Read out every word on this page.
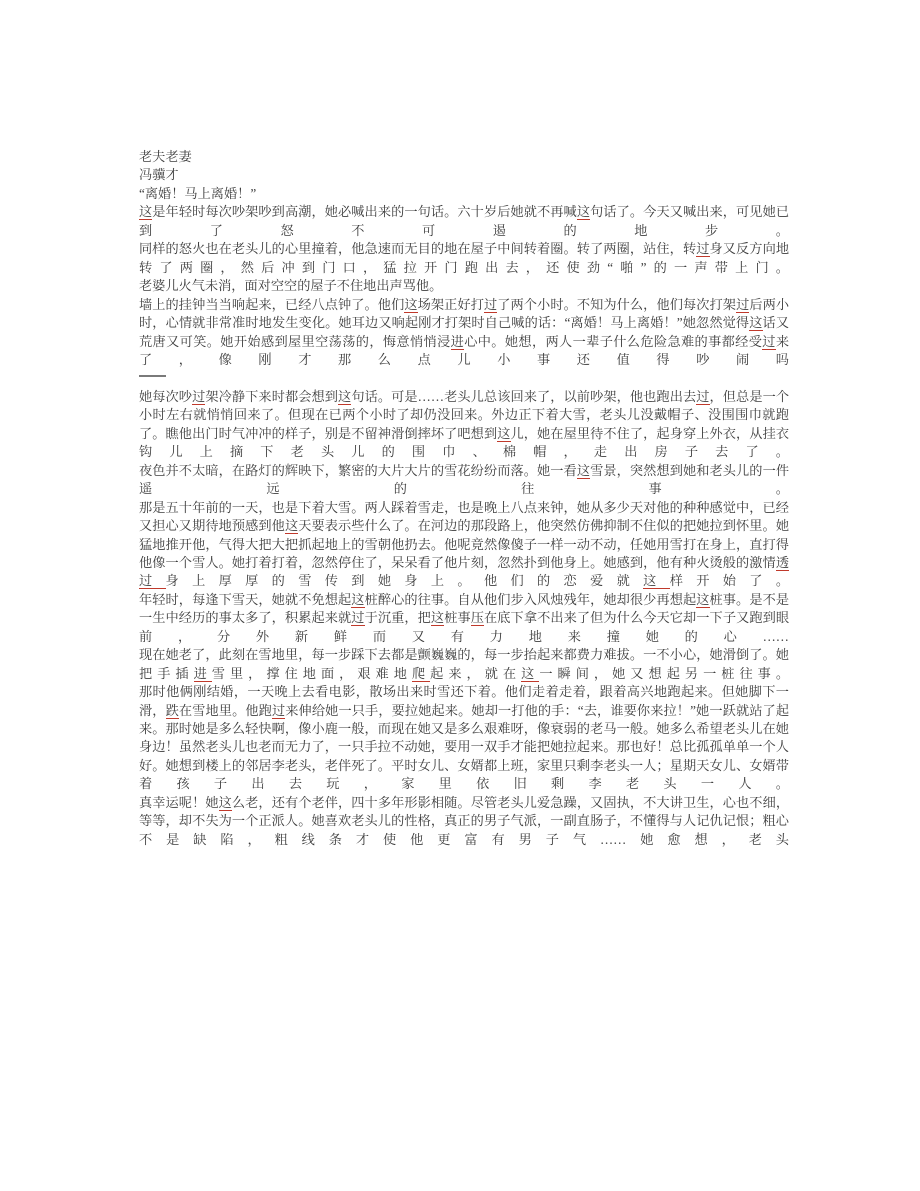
老夫老妻
冯骥才
“离婚！马上离婚！”
这是年轻时每次吵架吵到高潮，她必喊出来的一句话。六十岁后她就不再喊这句话了。今天又喊出来，可见她已到了怒不可遏的地步。
同样的怒火也在老头儿的心里撞着，他急速而无目的地在屋子中间转着圈。转了两圈，站住，转过身又反方向地转了两圈，然后冲到门口，猛拉开门跑出去，还使劲“啪”的一声带上门。
老婆儿火气未消，面对空空的屋子不住地出声骂他。
墙上的挂钟当当响起来，已经八点钟了。他们这场架正好打过了两个小时。不知为什么，他们每次打架过后两小时，心情就非常准时地发生变化。她耳边又响起刚才打架时自己喊的话：“离婚！马上离婚！”她忽然觉得这话又荒唐又可笑。她开始感到屋里空荡荡的，悔意悄悄浸进心中。她想，两人一辈子什么危险急难的事都经受过来了，像刚才那么点儿小事还值得吵闹吗
她每次吵过架冷静下来时都会想到这句话。可是……老头儿总该回来了，以前吵架，他也跑出去过，但总是一个小时左右就悄悄回来了。但现在已两个小时了却仍没回来。外边正下着大雪，老头儿没戴帽子、没围围巾就跑了。瞧他出门时气冲冲的样子，别是不留神滑倒摔坏了吧想到这儿，她在屋里待不住了，起身穿上外衣，从挂衣钩儿上摘下老头儿的围巾、棉帽，走出房子去了。
夜色并不太暗，在路灯的辉映下，繁密的大片大片的雪花纷纷而落。她一看这雪景，突然想到她和老头儿的一件遥远的往事。
那是五十年前的一天，也是下着大雪。两人踩着雪走，也是晚上八点来钟，她从多少天对他的种种感觉中，已经又担心又期待地预感到他这天要表示些什么了。在河边的那段路上，他突然仿佛抑制不住似的把她拉到怀里。她猛地推开他，气得大把大把抓起地上的雪朝他扔去。他呢竟然像傻子一样一动不动，任她用雪打在身上，直打得他像一个雪人。她打着打着，忽然停住了，呆呆看了他片刻，忽然扑到他身上。她感到，他有种火烫般的激情透过身上厚厚的雪传到她身上。他们的恋爱就这样开始了。
年轻时，每逢下雪天，她就不免想起这桩醉心的往事。自从他们步入风烛残年，她却很少再想起这桩事。是不是一生中经历的事太多了，积累起来就过于沉重，把这桩事压在底下拿不出来了但为什么今天它却一下子又跑到眼前，分外新鲜而又有力地来撞她的心……
现在她老了，此刻在雪地里，每一步踩下去都是颤巍巍的，每一步抬起来都费力难拔。一不小心，她滑倒了。她把手插进雪里，撑住地面，艰难地爬起来，就在这一瞬间，她又想起另一桩往事。
那时他俩刚结婚，一天晚上去看电影，散场出来时雪还下着。他们走着走着，跟着高兴地跑起来。但她脚下一滑，跌在雪地里。他跑过来伸给她一只手，要拉她起来。她却一打他的手：“去，谁要你来拉！”她一跃就站了起来。那时她是多么轻快啊，像小鹿一般，而现在她又是多么艰难呀，像衰弱的老马一般。她多么希望老头儿在她身边！虽然老头儿也老而无力了，一只手拉不动她，要用一双手才能把她拉起来。那也好！总比孤孤单单一个人好。她想到楼上的邻居李老头，老伴死了。平时女儿、女婿都上班，家里只剩李老头一人；星期天女儿、女婿带着孩子出去玩，家里依旧剩李老头一人。
真幸运呢！她这么老，还有个老伴，四十多年形影相随。尽管老头儿爱急躁，又固执，不大讲卫生，心也不细，等等，却不失为一个正派人。她喜欢老头儿的性格，真正的男子气派，一副直肠子，不懂得与人记仇记恨；粗心不是缺陷，粗线条才使他更富有男子气……她愈想，老头
